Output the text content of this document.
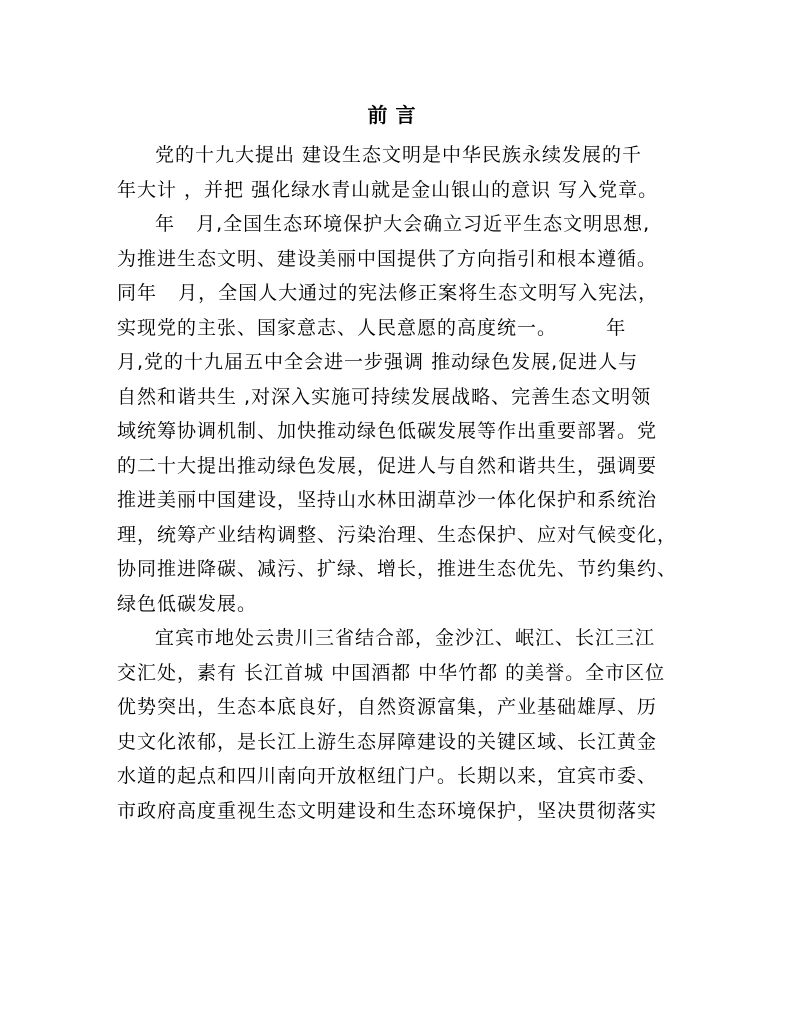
前言
党的十九大提出 建设生态文明是中华民族永续发展的千
年大计 ，并把 强化绿水青山就是金山银山的意识 写入党章。
年   月,全国生态环境保护大会确立习近平生态文明思想,
为推进生态文明、建设美丽中国提供了方向指引和根本遵循。
同年   月，全国人大通过的宪法修正案将生态文明写入宪法，
实现党的主张、国家意志、人民意愿的高度统一。       年
月,党的十九届五中全会进一步强调 推动绿色发展,促进人与
自然和谐共生 ,对深入实施可持续发展战略、完善生态文明领
域统筹协调机制、加快推动绿色低碳发展等作出重要部署。党
的二十大提出推动绿色发展，促进人与自然和谐共生，强调要
推进美丽中国建设，坚持山水林田湖草沙一体化保护和系统治
理，统筹产业结构调整、污染治理、生态保护、应对气候变化，
协同推进降碳、减污、扩绿、增长，推进生态优先、节约集约、
绿色低碳发展。
宜宾市地处云贵川三省结合部，金沙江、岷江、长江三江
交汇处，素有 长江首城 中国酒都 中华竹都 的美誉。全市区位
优势突出，生态本底良好，自然资源富集，产业基础雄厚、历
史文化浓郁，是长江上游生态屏障建设的关键区域、长江黄金
水道的起点和四川南向开放枢纽门户。长期以来，宜宾市委、
市政府高度重视生态文明建设和生态环境保护，坚决贯彻落实
